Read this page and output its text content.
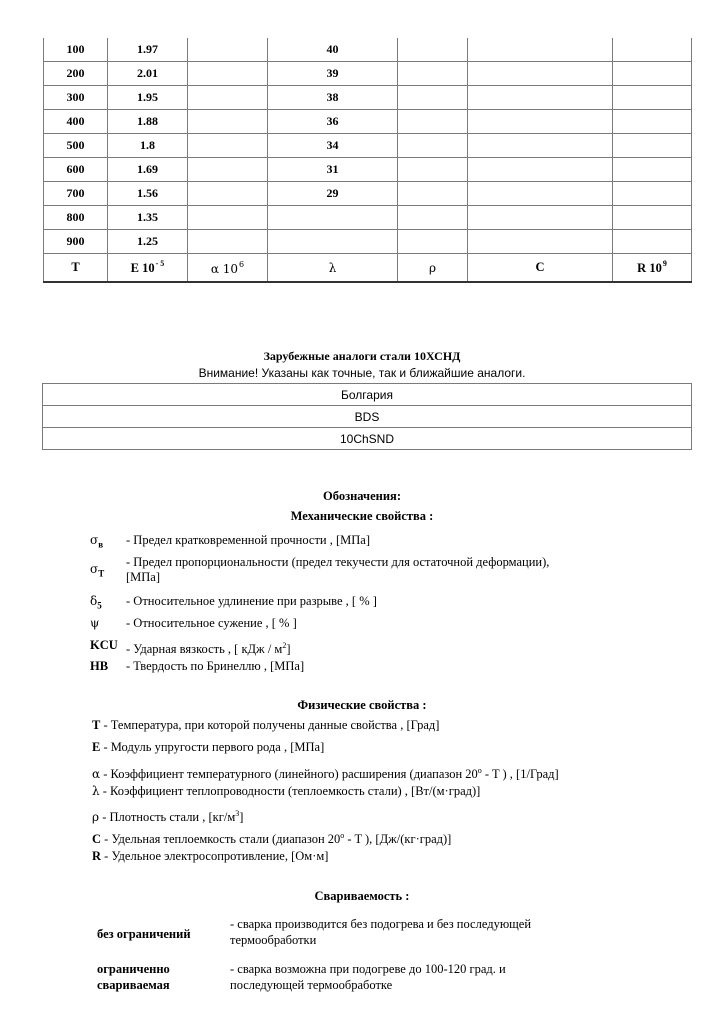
100	1.97		40			
200	2.01		39			
300	1.95		38			
400	1.88		36			
500	1.8		34			
600	1.69		31			
700	1.56		29			
800	1.35					
900	1.25					
T	E $10^{- 5}$	α $10^6$	λ	ρ	C	R $10^9$
Зарубежные аналоги стали 10ХСНД
Внимание! Указаны как точные, так и ближайшие аналоги.
Болгария
BDS
10ChSND
Обозначения:
Механические свойства :
$\sigma_в$ - Предел кратковременной прочности , [МПа]
$\sigma_T-$ Предел пропорциональности (предел текучести для остаточной деформации),
[МПа]
$\delta_5$ - Относительное удлинение при разрыве , [ % ]
ψ - Относительное сужение , [ % ]
KCU - Ударная вязкость , [ кДж / $м^2$]
HB - Твердость по Бринеллю , [МПа]
Физические свойства :
T - Температура, при которой получены данные свойства , [Град]
E - Модуль упругости первого рода , [МПа]
α - Коэффициент температурного (линейного) расширения (диапазон 20$^o$ - T ) , [1/Град]
λ - Коэффициент теплопроводности (теплоемкость стали) , [Вт/(м·град)]
ρ - Плотность стали , $[кг/м^3]$
C - Удельная теплоемкость стали (диапазон 20$^o$ - T ), [Дж/(кг·град)]
R - Удельное электросопротивление, [Ом·м]
Свариваемость :
без ограничений
- сварка производится без подогрева и без последующей
термообработки
ограниченно
свариваемая
- сварка возможна при подогреве до 100-120 град. и
последующей термообработке
